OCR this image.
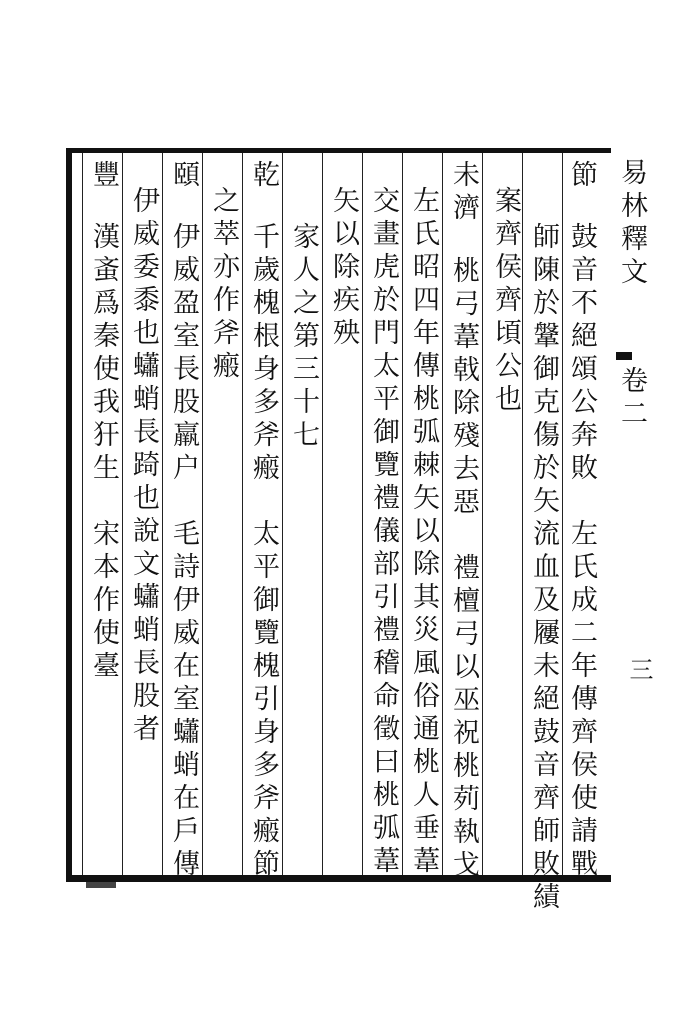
易林釋文
卷二
三
節
鼓音不絕頌公奔敗　左氏成二年傳齊侯使請戰
師陳於鞶御克傷於矢流血及屨未絕鼓音齊師敗績
案齊侯齊頃公也
未濟
桃弓葦戟除殘去惡　禮檀弓以巫祝桃茢執戈
左氏昭四年傳桃弧棘矢以除其災風俗通桃人垂葦
交畫虎於門太平御覽禮儀部引禮稽命徵曰桃弧葦
矢以除疾殃
家人之第三十七
乾
千歲槐根身多斧瘢　太平御覽槐引身多斧瘢節
之萃亦作斧瘢
頤
伊威盈室長股羸户　毛詩伊威在室蠨蛸在戶傳
伊威委黍也蠨蛸長踦也說文蠨蛸長股者
豐
漢蚉爲秦使我犴生　宋本作使臺
